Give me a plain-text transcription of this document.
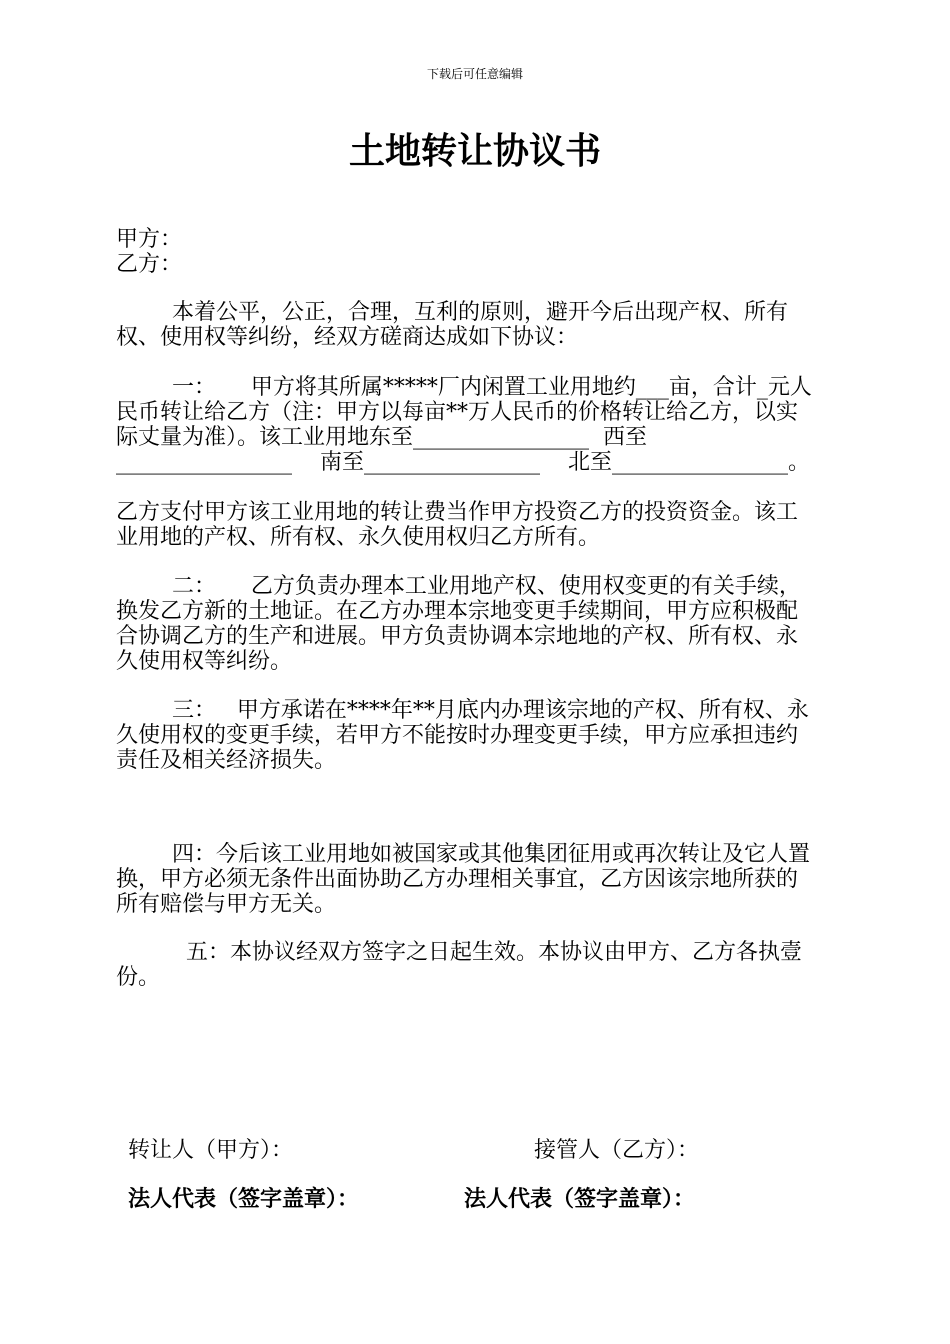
下载后可任意编辑
土地转让协议书
甲方：
乙方：
本着公平，公正，合理，互利的原则，避开今后出现产权、所有权、使用权等纠纷，经双方磋商达成如下协议：
一：     甲方将其所属*****厂内闲置工业用地约___亩，合计_元人民币转让给乙方（注：甲方以每亩**万人民币的价格转让给乙方，以实际丈量为准）。该工业用地东至________________  西至________________    南至________________    北至________________。
乙方支付甲方该工业用地的转让费当作甲方投资乙方的投资资金。该工业用地的产权、所有权、永久使用权归乙方所有。
二：     乙方负责办理本工业用地产权、使用权变更的有关手续，换发乙方新的土地证。在乙方办理本宗地变更手续期间，甲方应积极配合协调乙方的生产和进展。甲方负责协调本宗地地的产权、所有权、永久使用权等纠纷。
三：   甲方承诺在****年**月底内办理该宗地的产权、所有权、永久使用权的变更手续，若甲方不能按时办理变更手续，甲方应承担违约责任及相关经济损失。
四：今后该工业用地如被国家或其他集团征用或再次转让及它人置换，甲方必须无条件出面协助乙方办理相关事宜，乙方因该宗地所获的所有赔偿与甲方无关。
五：本协议经双方签字之日起生效。本协议由甲方、乙方各执壹份。
转让人（甲方）：	接管人（乙方）：
法人代表（签字盖章）：	法人代表（签字盖章）：
